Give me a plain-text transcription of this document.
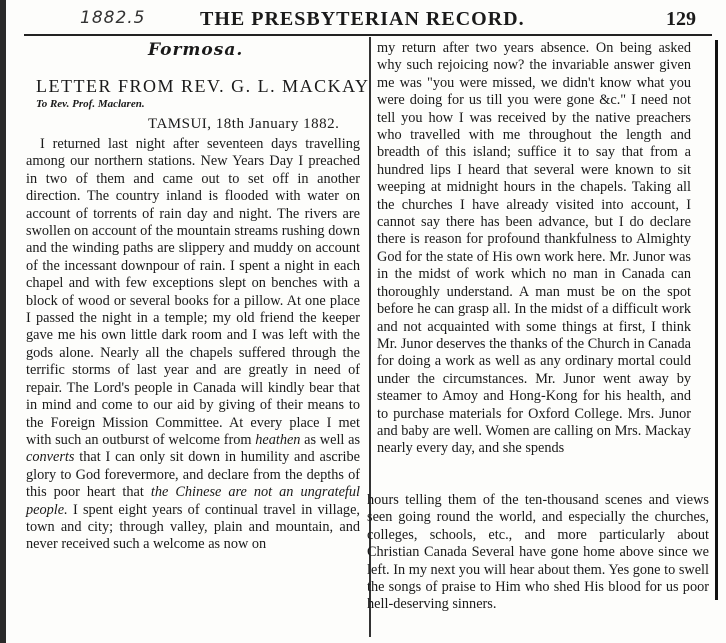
1882.5	THE PRESBYTERIAN RECORD.	129
Formosa.
LETTER FROM REV. G. L. MACKAY
To Rev. Prof. Maclaren.
TAMSUI, 18th January 1882.

I returned last night after seventeen days travelling among our northern stations. New Years Day I preached in two of them and came out to set off in another direction. The country inland is flooded with water on account of torrents of rain day and night. The rivers are swollen on account of the mountain streams rushing down and the winding paths are slippery and muddy on account of the incessant downpour of rain. I spent a night in each chapel and with few exceptions slept on benches with a block of wood or several books for a pillow. At one place I passed the night in a temple; my old friend the keeper gave me his own little dark room and I was left with the gods alone. Nearly all the chapels suffered through the terrific storms of last year and are greatly in need of repair. The Lord's people in Canada will kindly bear that in mind and come to our aid by giving of their means to the Foreign Mission Committee. At every place I met with such an outburst of welcome from heathen as well as converts that I can only sit down in humility and ascribe glory to God forevermore, and declare from the depths of this poor heart that the Chinese are not an ungrateful people. I spent eight years of continual travel in village, town and city; through valley, plain and mountain, and never received such a welcome as now on

my return after two years absence. On being asked why such rejoicing now? the invariable answer given me was "you were missed, we didn't know what you were doing for us till you were gone &c." I need not tell you how I was received by the native preachers who travelled with me throughout the length and breadth of this island; suffice it to say that from a hundred lips I heard that several were known to sit weeping at midnight hours in the chapels. Taking all the churches I have already visited into account, I cannot say there has been advance, but I do declare there is reason for profound thankfulness to Almighty God for the state of His own work here. Mr. Junor was in the midst of work which no man in Canada can thoroughly understand. A man must be on the spot before he can grasp all. In the midst of a difficult work and not acquainted with some things at first, I think Mr. Junor deserves the thanks of the Church in Canada for doing a work as well as any ordinary mortal could under the circumstances. Mr. Junor went away by steamer to Amoy and Hong-Kong for his health, and to purchase materials for Oxford College. Mrs. Junor and baby are well. Women are calling on Mrs. Mackay nearly every day, and she spends

hours telling them of the ten-thousand scenes and views seen going round the world, and especially the churches, colleges, schools, etc., and more particularly about Christian Canada Several have gone home above since we left. In my next you will hear about them. Yes gone to swell the songs of praise to Him who shed His blood for us poor hell-deserving sinners.
